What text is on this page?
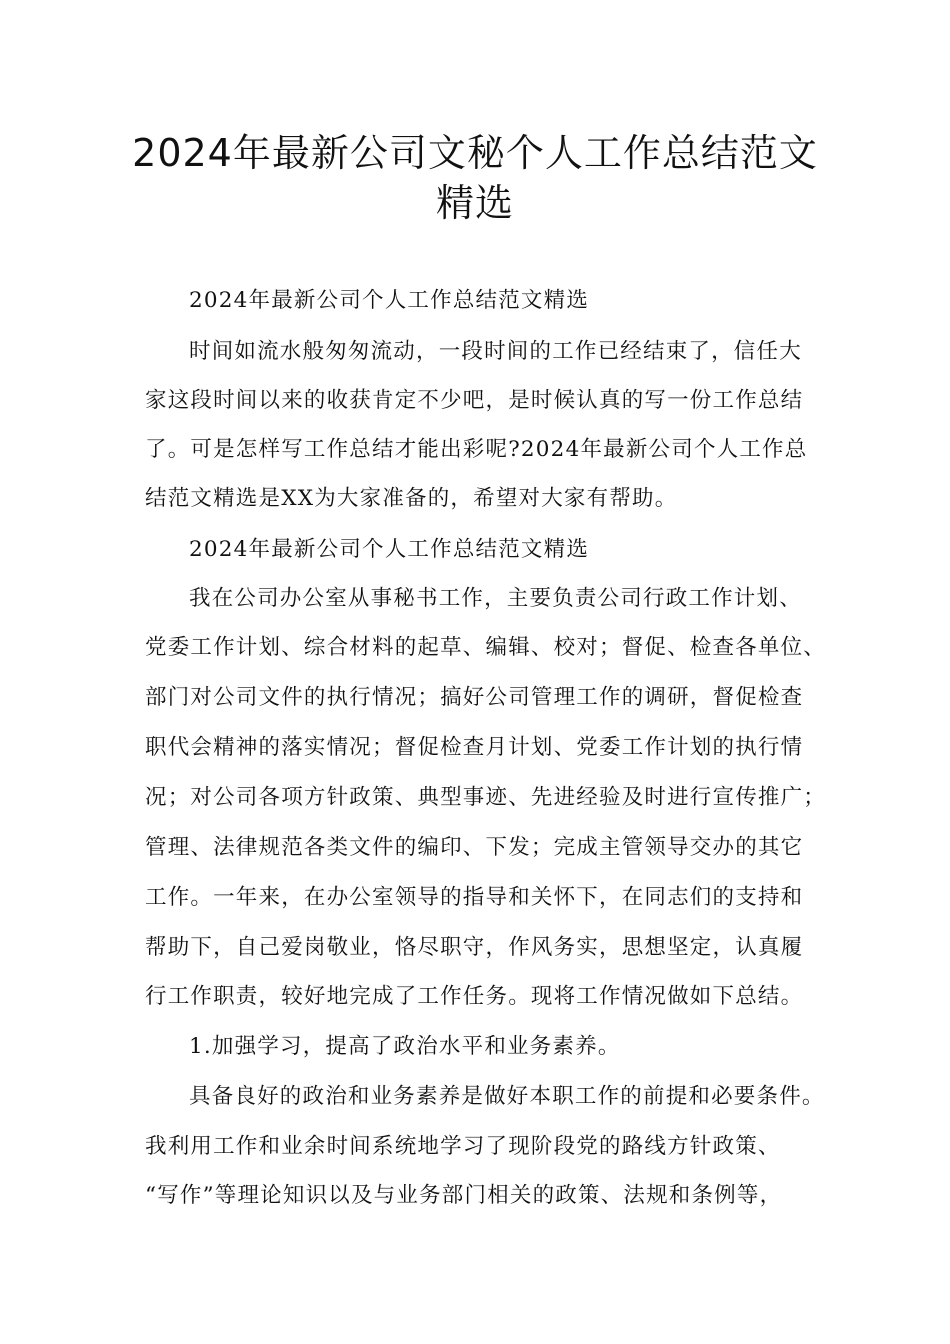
2024年最新公司文秘个人工作总结范文
精选
2024年最新公司个人工作总结范文精选
时间如流水般匆匆流动，一段时间的工作已经结束了，信任大
家这段时间以来的收获肯定不少吧，是时候认真的写一份工作总结
了。可是怎样写工作总结才能出彩呢?2024年最新公司个人工作总
结范文精选是XX为大家准备的，希望对大家有帮助。
2024年最新公司个人工作总结范文精选
我在公司办公室从事秘书工作，主要负责公司行政工作计划、
党委工作计划、综合材料的起草、编辑、校对；督促、检查各单位、
部门对公司文件的执行情况；搞好公司管理工作的调研，督促检查
职代会精神的落实情况；督促检查月计划、党委工作计划的执行情
况；对公司各项方针政策、典型事迹、先进经验及时进行宣传推广；
管理、法律规范各类文件的编印、下发；完成主管领导交办的其它
工作。一年来，在办公室领导的指导和关怀下，在同志们的支持和
帮助下，自己爱岗敬业，恪尽职守，作风务实，思想坚定，认真履
行工作职责，较好地完成了工作任务。现将工作情况做如下总结。
1.加强学习，提高了政治水平和业务素养。
具备良好的政治和业务素养是做好本职工作的前提和必要条件。
我利用工作和业余时间系统地学习了现阶段党的路线方针政策、
“写作”等理论知识以及与业务部门相关的政策、法规和条例等，
